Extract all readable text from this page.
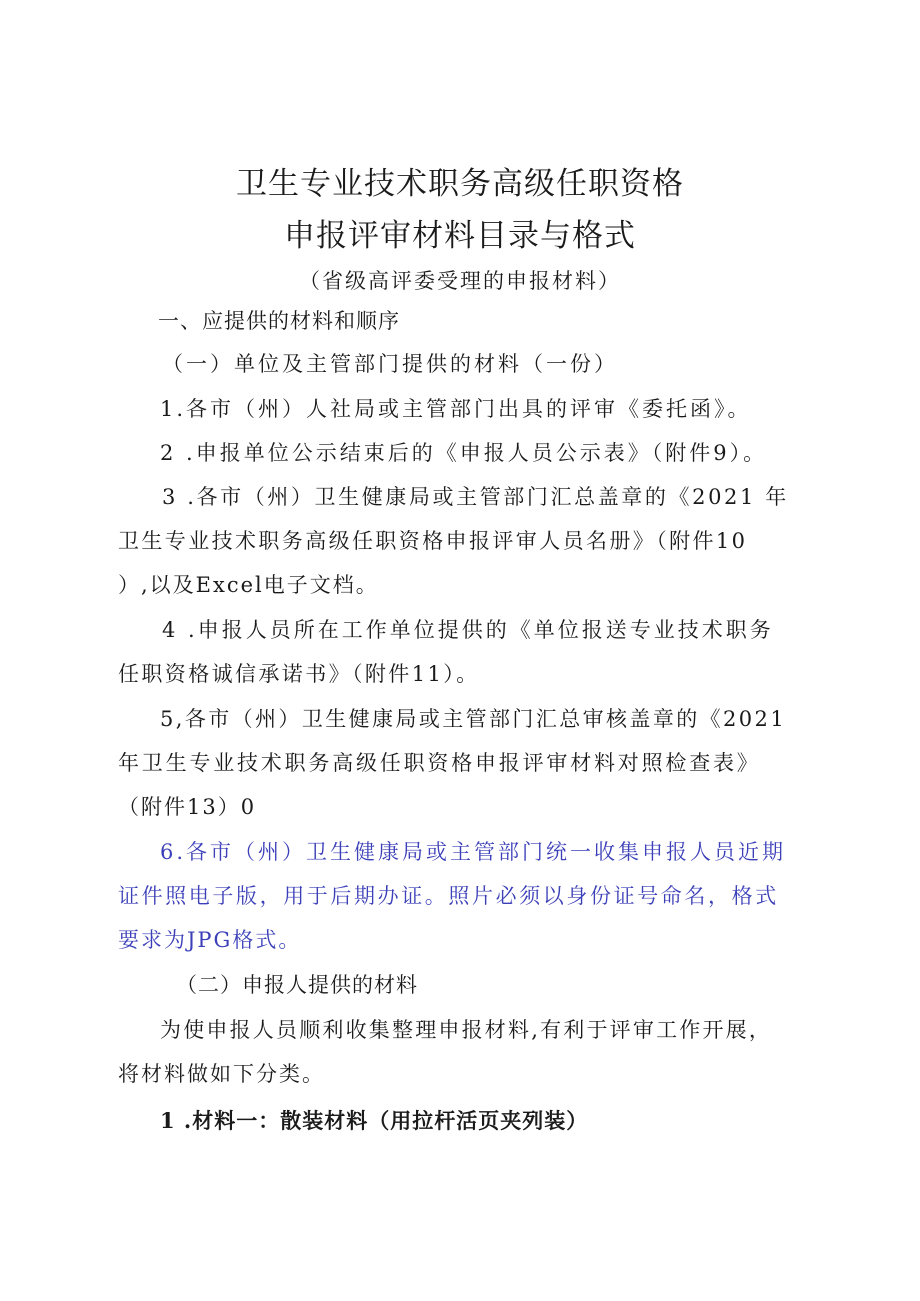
卫生专业技术职务高级任职资格
申报评审材料目录与格式
（省级高评委受理的申报材料）
一、应提供的材料和顺序
（一）单位及主管部门提供的材料（一份）
1.各市（州）人社局或主管部门出具的评审《委托函》。
2 .申报单位公示结束后的《申报人员公示表》（附件9）。
3 .各市（州）卫生健康局或主管部门汇总盖章的《2021 年
卫生专业技术职务高级任职资格申报评审人员名册》（附件10
）,以及Excel电子文档。
4 .申报人员所在工作单位提供的《单位报送专业技术职务
任职资格诚信承诺书》（附件11）。
5,各市（州）卫生健康局或主管部门汇总审核盖章的《2021
年卫生专业技术职务高级任职资格申报评审材料对照检查表》
（附件13）0
6.各市（州）卫生健康局或主管部门统一收集申报人员近期
证件照电子版，用于后期办证。照片必须以身份证号命名，格式
要求为JPG格式。
（二）申报人提供的材料
为使申报人员顺利收集整理申报材料,有利于评审工作开展，
将材料做如下分类。
1 .材料一：散装材料（用拉杆活页夹列装）
